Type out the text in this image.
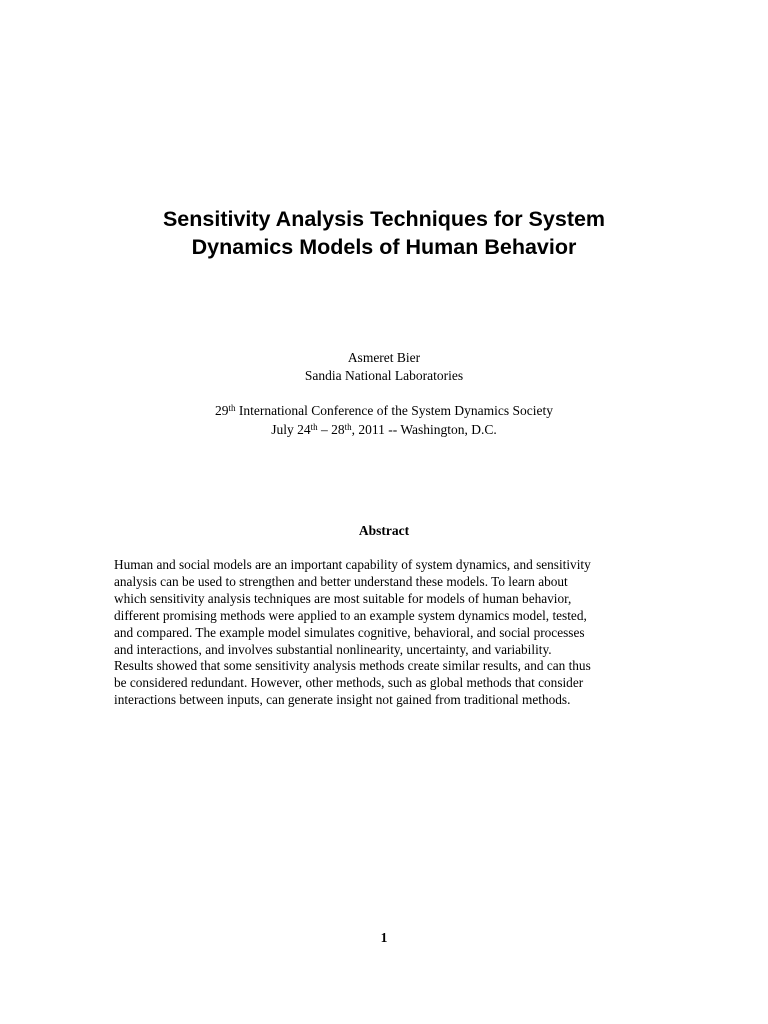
Sensitivity Analysis Techniques for System
Dynamics Models of Human Behavior
Asmeret Bier
Sandia National Laboratories
29th International Conference of the System Dynamics Society
July 24th – 28th, 2011 -- Washington, D.C.
Abstract
Human and social models are an important capability of system dynamics, and sensitivity
analysis can be used to strengthen and better understand these models. To learn about
which sensitivity analysis techniques are most suitable for models of human behavior,
different promising methods were applied to an example system dynamics model, tested,
and compared. The example model simulates cognitive, behavioral, and social processes
and interactions, and involves substantial nonlinearity, uncertainty, and variability.
Results showed that some sensitivity analysis methods create similar results, and can thus
be considered redundant. However, other methods, such as global methods that consider
interactions between inputs, can generate insight not gained from traditional methods.
1
